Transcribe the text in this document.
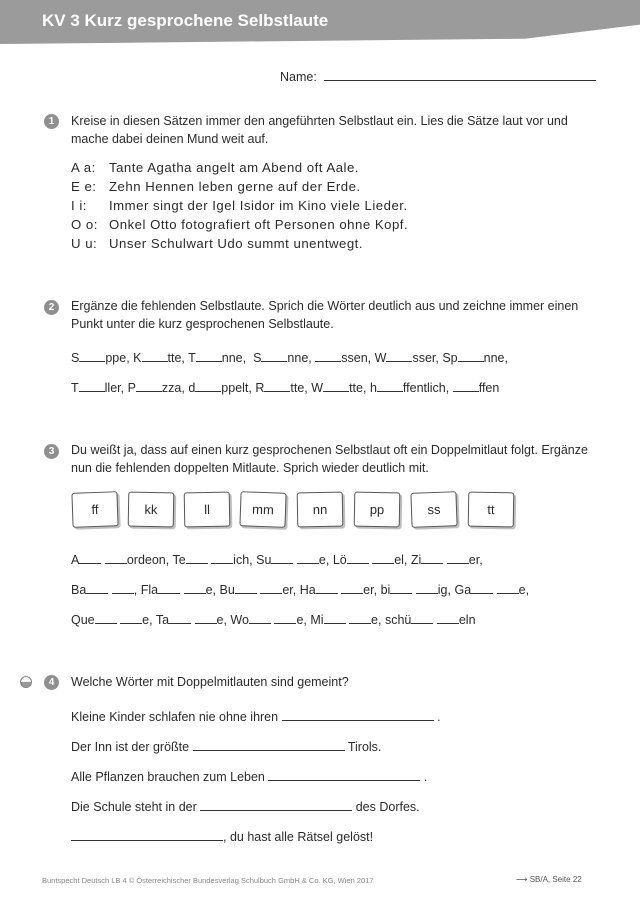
KV 3 Kurz gesprochene Selbstlaute
Name:
1	Kreise in diesen Sätzen immer den angeführten Selbstlaut ein. Lies die Sätze laut vor und mache dabei deinen Mund weit auf.
A a: Tante Agatha angelt am Abend oft Aale.
E e: Zehn Hennen leben gerne auf der Erde.
I i: Immer singt der Igel Isidor im Kino viele Lieder.
O o: Onkel Otto fotografiert oft Personen ohne Kopf.
U u: Unser Schulwart Udo summt unentwegt.
2	Ergänze die fehlenden Selbstlaute. Sprich die Wörter deutlich aus und zeichne immer einen Punkt unter die kurz gesprochenen Selbstlaute.
S ppe, K tte, T nne, S nne, ssen, W sser, Sp nne,
T ller, P zza, d ppelt, R tte, W tte, h ffentlich, ffen
3	Du weißt ja, dass auf einen kurz gesprochenen Selbstlaut oft ein Doppelmitlaut folgt. Ergänze nun die fehlenden doppelten Mitlaute. Sprich wieder deutlich mit.
ff	kk	ll	mm	nn	pp	ss	tt
A	ordeon, Te	ich, Su	e, Lö	el, Zi	er,
Ba	, Fla	e, Bu	er, Ha	er, bi	ig, Ga	e,
Que	e, Ta	e, Wo	e, Mi	e, schü	eln
4	Welche Wörter mit Doppelmitlauten sind gemeint?
Kleine Kinder schlafen nie ohne ihren	.
Der Inn ist der größte	Tirols.
Alle Pflanzen brauchen zum Leben	.
Die Schule steht in der	des Dorfes.
, du hast alle Rätsel gelöst!
Buntspecht Deutsch LB 4 © Österreichischer Bundesverlag Schulbuch GmbH & Co. KG, Wien 2017	⟶ SB/A, Seite 22
